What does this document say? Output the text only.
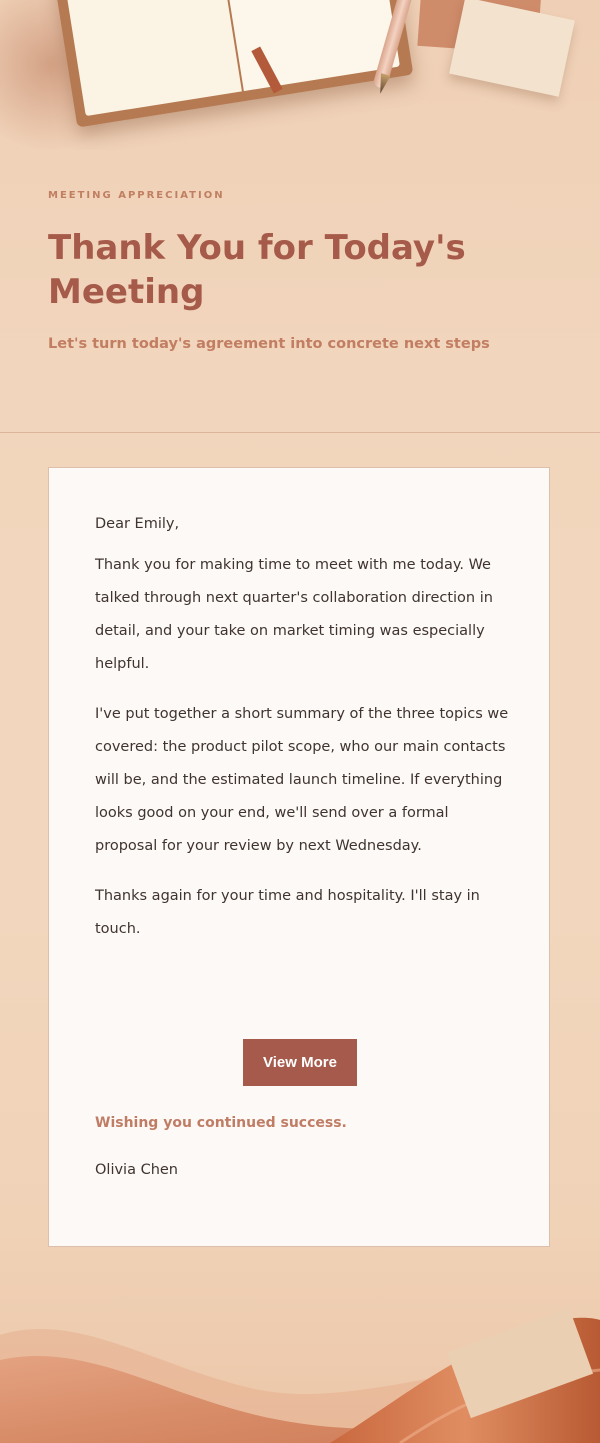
MEETING APPRECIATION

Thank You for Today's Meeting

Let's turn today's agreement into concrete next steps

Dear Emily,

Thank you for making time to meet with me today. We talked through next quarter's collaboration direction in detail, and your take on market timing was especially helpful.

I've put together a short summary of the three topics we covered: the product pilot scope, who our main contacts will be, and the estimated launch timeline. If everything looks good on your end, we'll send over a formal proposal for your review by next Wednesday.

Thanks again for your time and hospitality. I'll stay in touch.

View More

Wishing you continued success.

Olivia Chen
